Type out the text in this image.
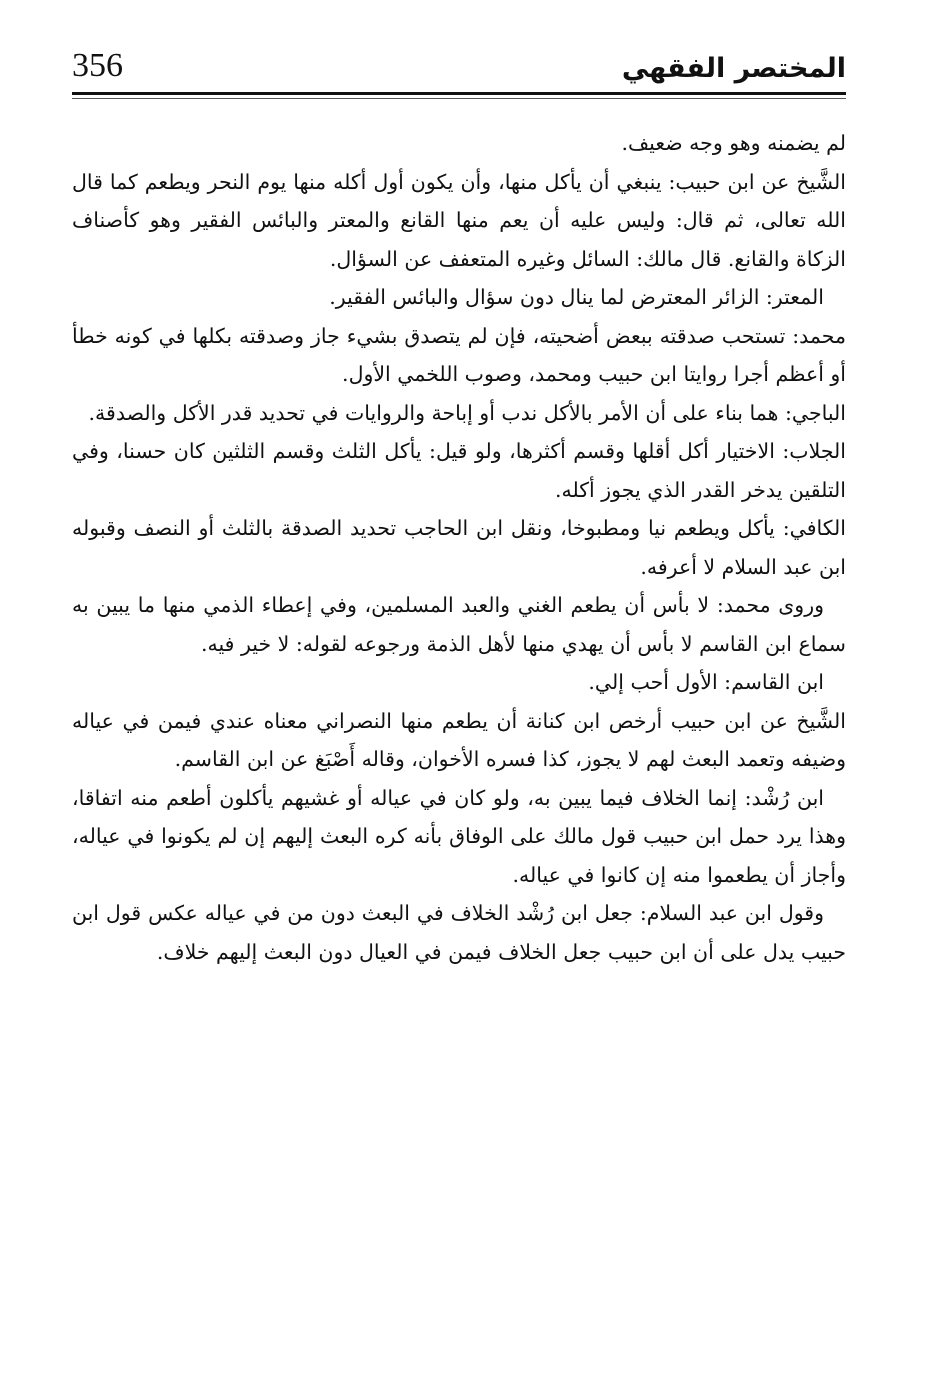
المختصر الفقهي
356

لم يضمنه وهو وجه ضعيف.

الشَّيخ عن ابن حبيب: ينبغي أن يأكل منها، وأن يكون أول أكله منها يوم النحر ويطعم كما قال الله تعالى، ثم قال: وليس عليه أن يعم منها القانع والمعتر والبائس الفقير وهو كأصناف الزكاة والقانع. قال مالك: السائل وغيره المتعفف عن السؤال.

المعتر: الزائر المعترض لما ينال دون سؤال والبائس الفقير.

محمد: تستحب صدقته ببعض أضحيته، فإن لم يتصدق بشيء جاز وصدقته بكلها في كونه خطأ أو أعظم أجرا روايتا ابن حبيب ومحمد، وصوب اللخمي الأول.

الباجي: هما بناء على أن الأمر بالأكل ندب أو إباحة والروايات في تحديد قدر الأكل والصدقة.

الجلاب: الاختيار أكل أقلها وقسم أكثرها، ولو قيل: يأكل الثلث وقسم الثلثين كان حسنا، وفي التلقين يدخر القدر الذي يجوز أكله.

الكافي: يأكل ويطعم نيا ومطبوخا، ونقل ابن الحاجب تحديد الصدقة بالثلث أو النصف وقبوله ابن عبد السلام لا أعرفه.

وروى محمد: لا بأس أن يطعم الغني والعبد المسلمين، وفي إعطاء الذمي منها ما يبين به سماع ابن القاسم لا بأس أن يهدي منها لأهل الذمة ورجوعه لقوله: لا خير فيه.

ابن القاسم: الأول أحب إلي.

الشَّيخ عن ابن حبيب أرخص ابن كنانة أن يطعم منها النصراني معناه عندي فيمن في عياله وضيفه وتعمد البعث لهم لا يجوز، كذا فسره الأخوان، وقاله أَصْبَغ عن ابن القاسم.

ابن رُشْد: إنما الخلاف فيما يبين به، ولو كان في عياله أو غشيهم يأكلون أطعم منه اتفاقا، وهذا يرد حمل ابن حبيب قول مالك على الوفاق بأنه كره البعث إليهم إن لم يكونوا في عياله، وأجاز أن يطعموا منه إن كانوا في عياله.

وقول ابن عبد السلام: جعل ابن رُشْد الخلاف في البعث دون من في عياله عكس قول ابن حبيب يدل على أن ابن حبيب جعل الخلاف فيمن في العيال دون البعث إليهم خلاف.
